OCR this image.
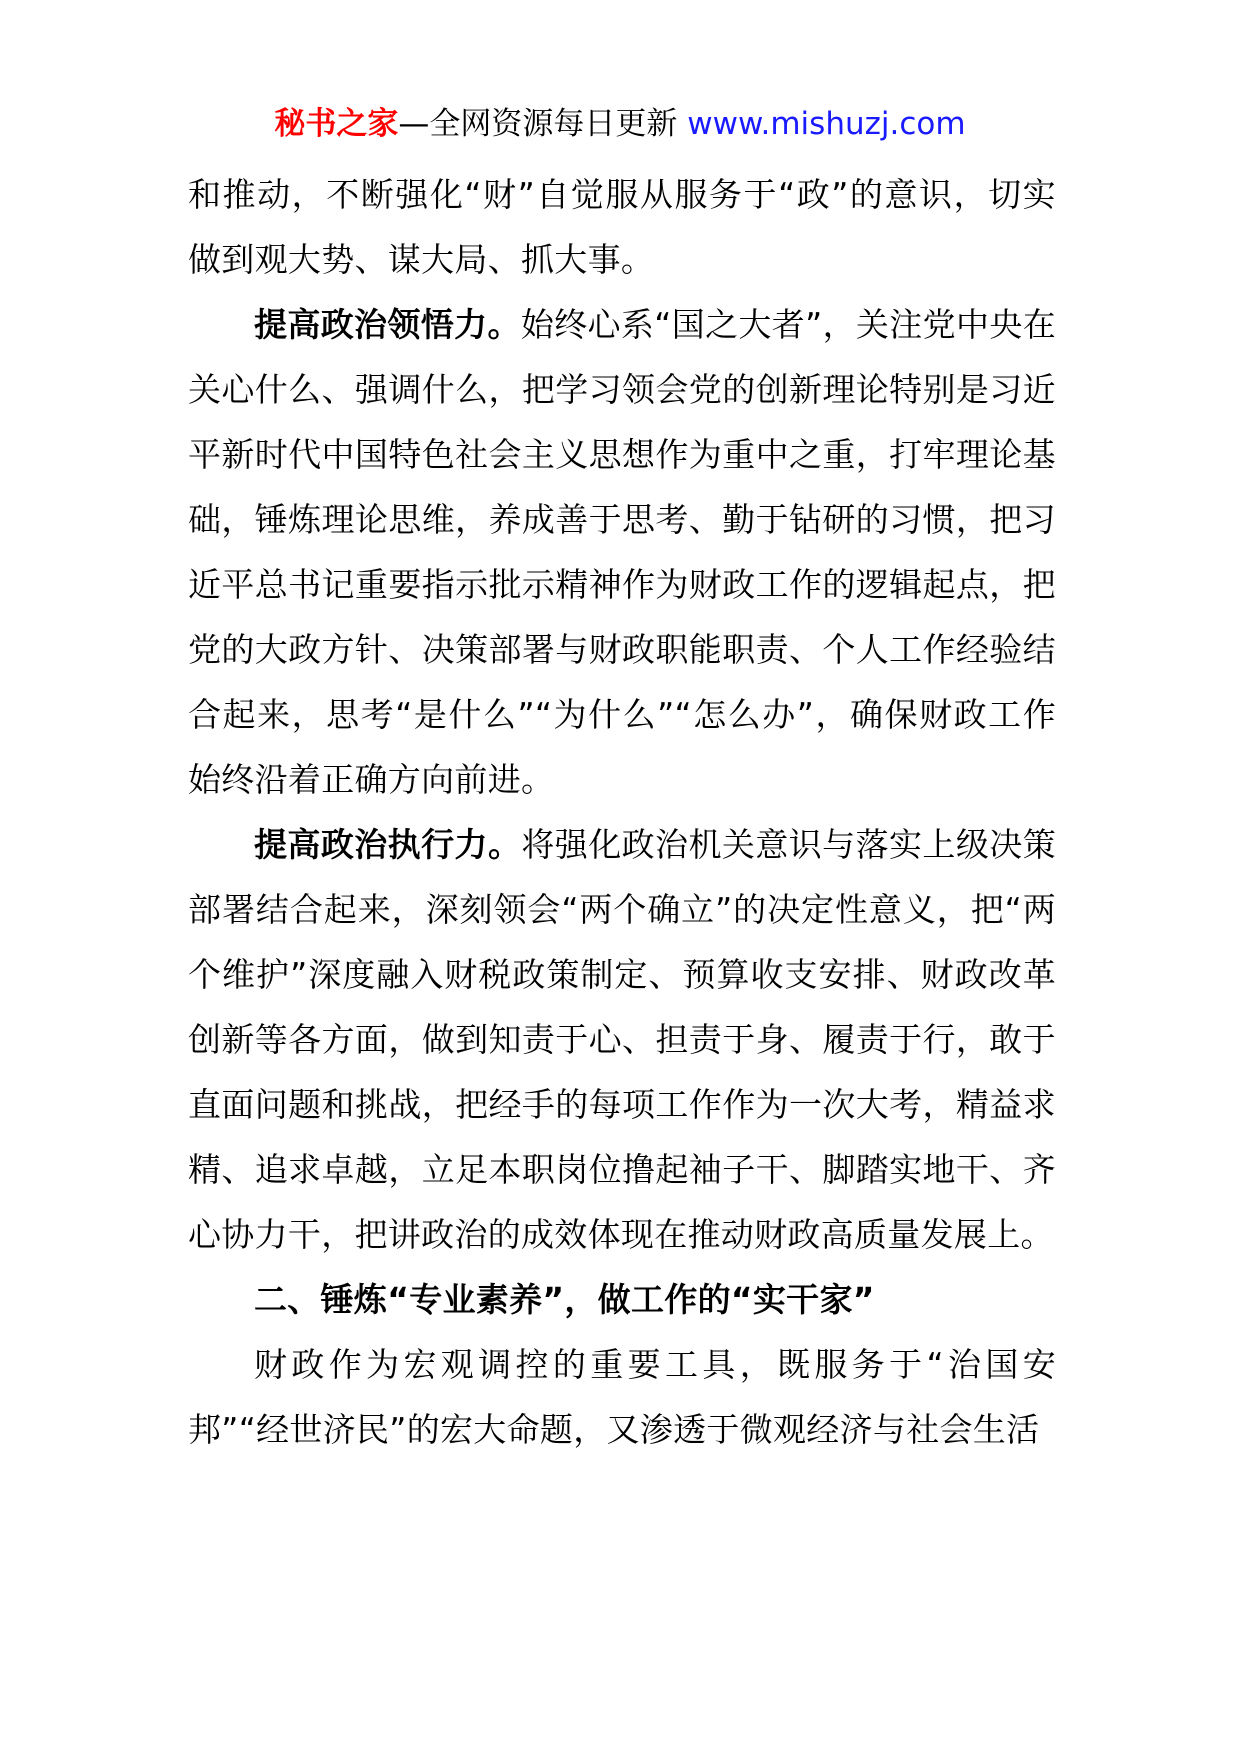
秘书之家—全网资源每日更新 www.mishuzj.com

和推动，不断强化“财”自觉服从服务于“政”的意识，切实做到观大势、谋大局、抓大事。

提高政治领悟力。始终心系“国之大者”，关注党中央在关心什么、强调什么，把学习领会党的创新理论特别是习近平新时代中国特色社会主义思想作为重中之重，打牢理论基础，锤炼理论思维，养成善于思考、勤于钻研的习惯，把习近平总书记重要指示批示精神作为财政工作的逻辑起点，把党的大政方针、决策部署与财政职能职责、个人工作经验结合起来，思考“是什么”“为什么”“怎么办”，确保财政工作始终沿着正确方向前进。

提高政治执行力。将强化政治机关意识与落实上级决策部署结合起来，深刻领会“两个确立”的决定性意义，把“两个维护”深度融入财税政策制定、预算收支安排、财政改革创新等各方面，做到知责于心、担责于身、履责于行，敢于直面问题和挑战，把经手的每项工作作为一次大考，精益求精、追求卓越，立足本职岗位撸起袖子干、脚踏实地干、齐心协力干，把讲政治的成效体现在推动财政高质量发展上。

二、锤炼“专业素养”，做工作的“实干家”

财政作为宏观调控的重要工具，既服务于“治国安邦”“经世济民”的宏大命题，又渗透于微观经济与社会生活
